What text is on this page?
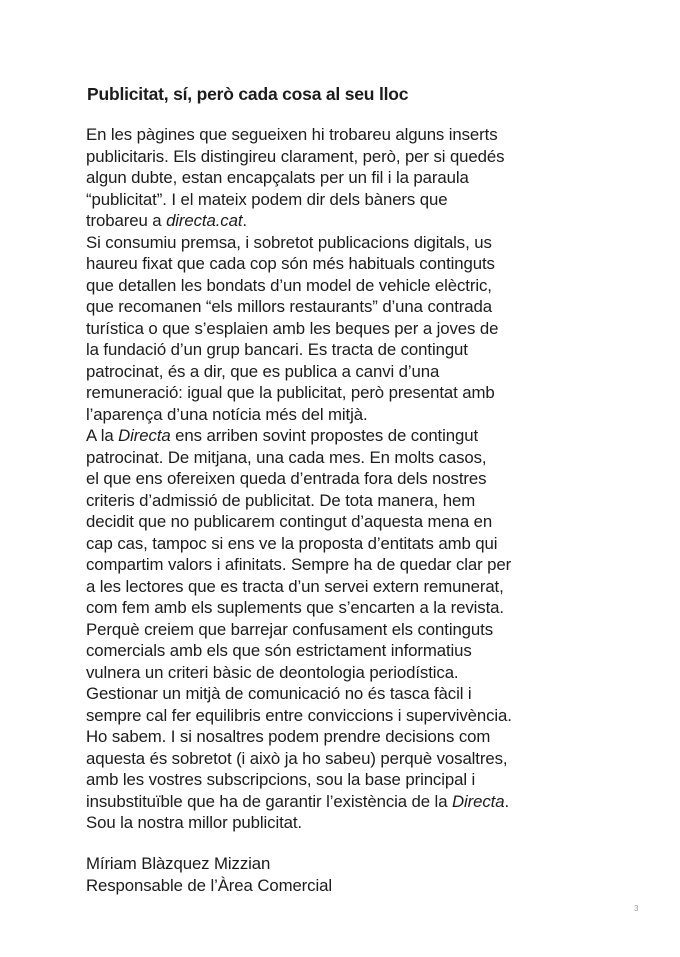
Publicitat, sí, però cada cosa al seu lloc
En les pàgines que segueixen hi trobareu alguns inserts
publicitaris. Els distingireu clarament, però, per si quedés
algun dubte, estan encapçalats per un fil i la paraula
“publicitat”. I el mateix podem dir dels bàners que
trobareu a directa.cat.
Si consumiu premsa, i sobretot publicacions digitals, us
haureu fixat que cada cop són més habituals continguts
que detallen les bondats d’un model de vehicle elèctric,
que recomanen “els millors restaurants” d’una contrada
turística o que s’esplaien amb les beques per a joves de
la fundació d’un grup bancari. Es tracta de contingut
patrocinat, és a dir, que es publica a canvi d’una
remuneració: igual que la publicitat, però presentat amb
l’aparença d’una notícia més del mitjà.
A la Directa ens arriben sovint propostes de contingut
patrocinat. De mitjana, una cada mes. En molts casos,
el que ens ofereixen queda d’entrada fora dels nostres
criteris d’admissió de publicitat. De tota manera, hem
decidit que no publicarem contingut d’aquesta mena en
cap cas, tampoc si ens ve la proposta d’entitats amb qui
compartim valors i afinitats. Sempre ha de quedar clar per
a les lectores que es tracta d’un servei extern remunerat,
com fem amb els suplements que s’encarten a la revista.
Perquè creiem que barrejar confusament els continguts
comercials amb els que són estrictament informatius
vulnera un criteri bàsic de deontologia periodística.
Gestionar un mitjà de comunicació no és tasca fàcil i
sempre cal fer equilibris entre conviccions i supervivència.
Ho sabem. I si nosaltres podem prendre decisions com
aquesta és sobretot (i això ja ho sabeu) perquè vosaltres,
amb les vostres subscripcions, sou la base principal i
insubstituïble que ha de garantir l’existència de la Directa.
Sou la nostra millor publicitat.
Míriam Blàzquez Mizzian
Responsable de l’Àrea Comercial
3
